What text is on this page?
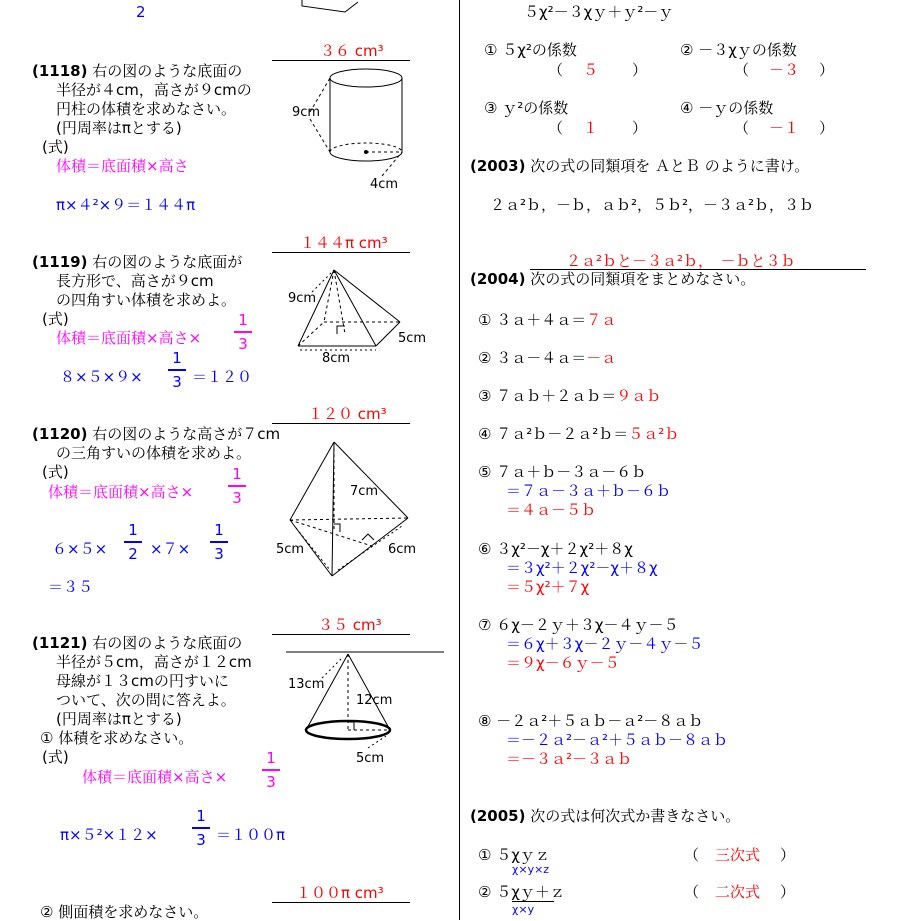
2
３６ cm³
(1118) 右の図のような底面の
半径が４cm，高さが９cmの
円柱の体積を求めなさい。
(円周率はπとする)
(式)
体積＝底面積×高さ
π×４²×９＝１４４π
9cm
4cm
１４４π cm³
(1119) 右の図のような底面が
長方形で、高さが９cm
の四角すい体積を求めよ。
(式)
体積＝底面積×高さ×
1
3
８×５×９×
1
3 ＝１２０
9cm
8cm
5cm
１２０ cm³
(1120) 右の図のような高さが７cm
の三角すいの体積を求めよ。
(式)
体積＝底面積×高さ×
1
3
６×５×
1
2 ×７×
1
3
＝３５
7cm
5cm	6cm
３５ cm³
(1121) 右の図のような底面の
半径が５cm，高さが１２cm
母線が１３cmの円すいに
ついて、次の問に答えよ。
(円周率はπとする)
① 体積を求めなさい。
(式)
体積＝底面積×高さ×
1
3
π×５²×１２×
1
3 ＝１００π
13cm
12cm
5cm
１００π cm³
② 側面積を求めなさい。
５χ²－３χｙ＋ｙ²－ｙ
① ５χ²の係数
（ ５ ）
② －３χｙの係数
（ －３ ）
③ ｙ²の係数
（ １ ）
④ －ｙの係数
（ －１ ）
(2003) 次の式の同類項を ＡとＢ のように書け。
２ａ²ｂ，－ｂ，ａｂ²，５ｂ²，－３ａ²ｂ，３ｂ
２ａ²ｂと－３ａ²ｂ，　－ｂと３ｂ
(2004) 次の式の同類項をまとめなさい。
① ３ａ＋４ａ＝７ａ
② ３ａ－４ａ＝－ａ
③ ７ａｂ＋２ａｂ＝９ａｂ
④ ７ａ²ｂ－２ａ²ｂ＝５ａ²ｂ
⑤ ７ａ＋ｂ－３ａ－６ｂ
＝７ａ－３ａ＋ｂ－６ｂ
＝４ａ－５ｂ
⑥ ３χ²－χ＋２χ²＋８χ
＝３χ²＋２χ²－χ＋８χ
＝５χ²＋７χ
⑦ ６χ－２ｙ＋３χ－４ｙ－５
＝６χ＋３χ－２ｙ－４ｙ－５
＝９χ－６ｙ－５
⑧ －２ａ²＋５ａｂ－ａ²－８ａｂ
＝－２ａ²－ａ²＋５ａｂ－８ａｂ
＝－３ａ²－３ａｂ
(2005) 次の式は何次式か書きなさい。
① ５χｙｚ
χ×y×z
（ 三次式 ）
② ５χｙ＋ｚ
χ×y
（ 二次式 ）
